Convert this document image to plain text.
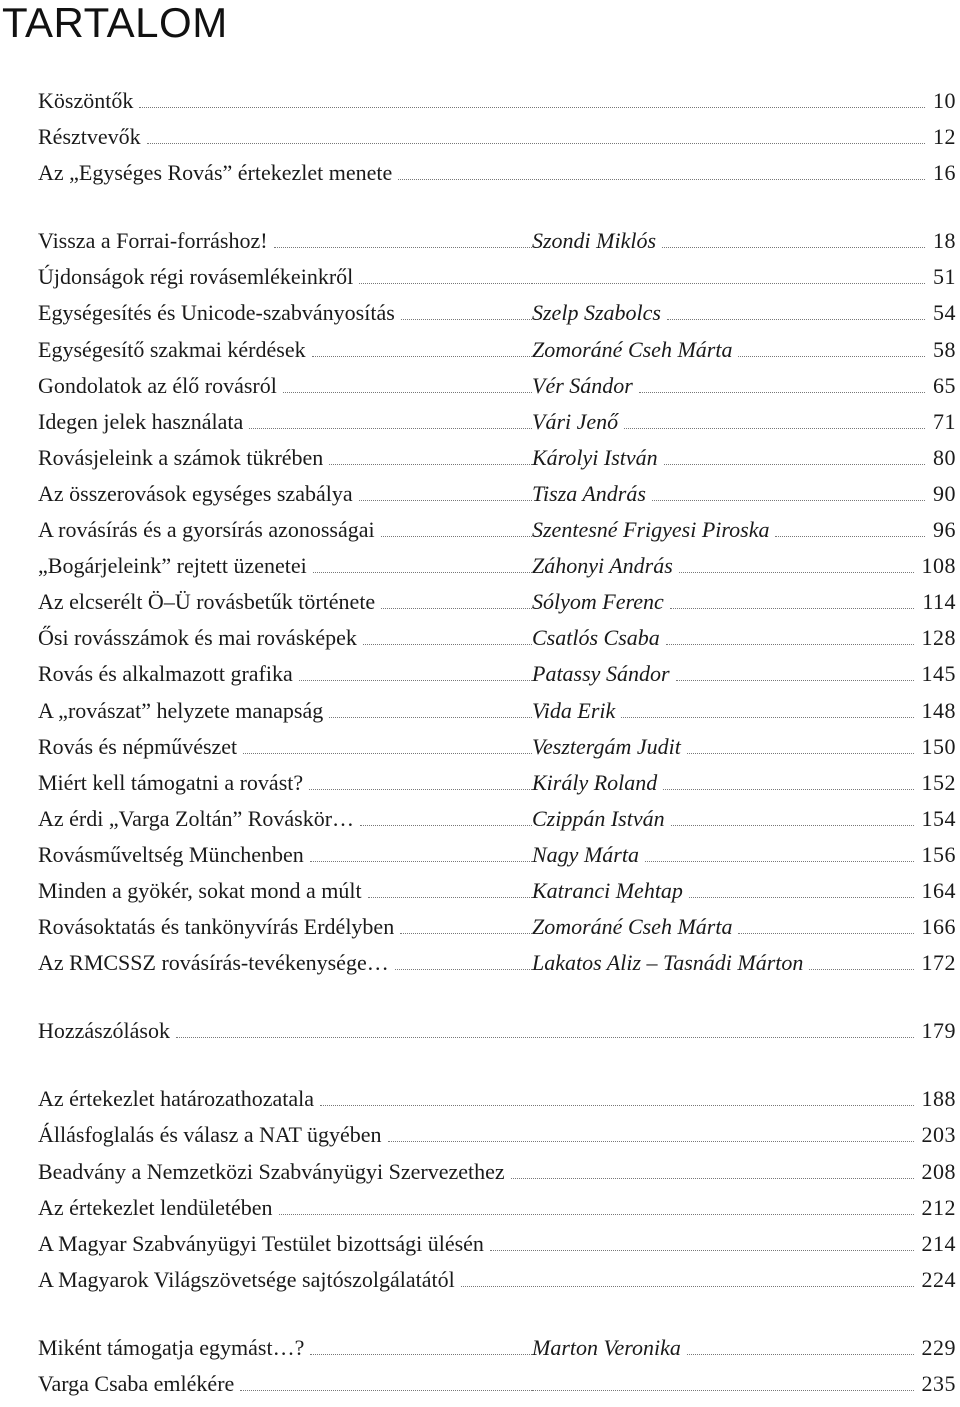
TARTALOM
Köszöntők	10
Résztvevők	12
Az „Egységes Rovás” értekezlet menete	16
Vissza a Forrai-forráshoz!	Szondi Miklós	18
Újdonságok régi rovásemlékeinkről	51
Egységesítés és Unicode-szabványosítás	Szelp Szabolcs	54
Egységesítő szakmai kérdések	Zomoráné Cseh Márta	58
Gondolatok az élő rovásról	Vér Sándor	65
Idegen jelek használata	Vári Jenő	71
Rovásjeleink a számok tükrében	Károlyi István	80
Az összerovások egységes szabálya	Tisza András	90
A rovásírás és a gyorsírás azonosságai	Szentesné Frigyesi Piroska	96
„Bogárjeleink” rejtett üzenetei	Záhonyi András	108
Az elcserélt Ö–Ü rovásbetűk története	Sólyom Ferenc	114
Ősi rovásszámok és mai rovásképek	Csatlós Csaba	128
Rovás és alkalmazott grafika	Patassy Sándor	145
A „rovászat” helyzete manapság	Vida Erik	148
Rovás és népművészet	Vesztergám Judit	150
Miért kell támogatni a rovást?	Király Roland	152
Az érdi „Varga Zoltán” Rováskör…	Czippán István	154
Rovásműveltség Münchenben	Nagy Márta	156
Minden a gyökér, sokat mond a múlt	Katranci Mehtap	164
Rovásoktatás és tankönyvírás Erdélyben	Zomoráné Cseh Márta	166
Az RMCSSZ rovásírás-tevékenysége…	Lakatos Aliz – Tasnádi Márton	172
Hozzászólások	179
Az értekezlet határozathozatala	188
Állásfoglalás és válasz a NAT ügyében	203
Beadvány a Nemzetközi Szabványügyi Szervezethez	208
Az értekezlet lendületében	212
A Magyar Szabványügyi Testület bizottsági ülésén	214
A Magyarok Világszövetsége sajtószolgálatától	224
Miként támogatja egymást…?	Marton Veronika	229
Varga Csaba emlékére	235
